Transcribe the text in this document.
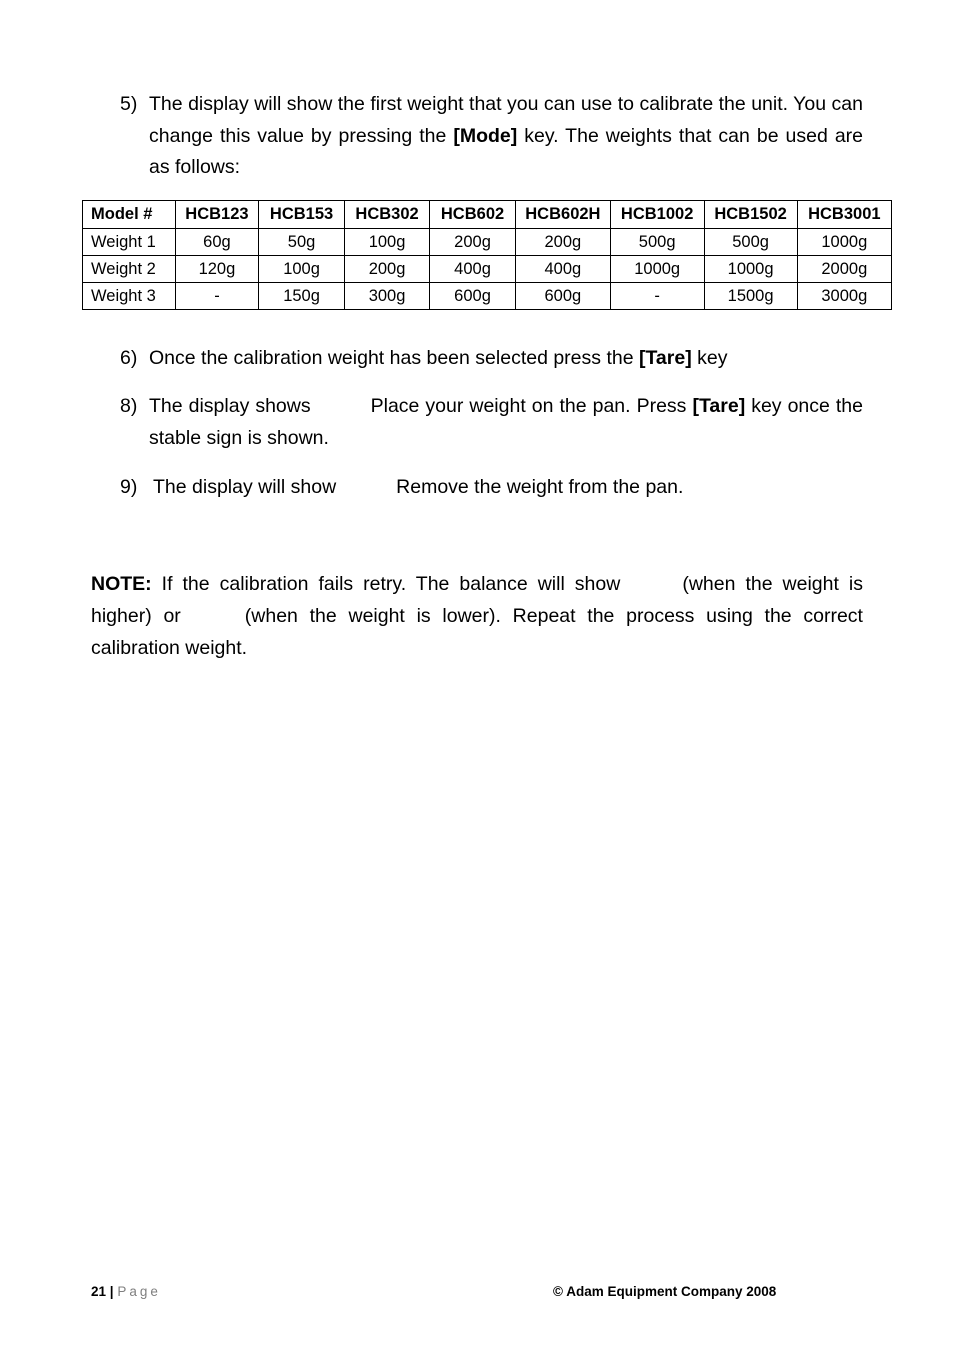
5) The display will show the first weight that you can use to calibrate the unit. You can change this value by pressing the [Mode] key. The weights that can be used are as follows:
Model #	HCB123	HCB153	HCB302	HCB602	HCB602H	HCB1002	HCB1502	HCB3001
Weight 1	60g	50g	100g	200g	200g	500g	500g	1000g
Weight 2	120g	100g	200g	400g	400g	1000g	1000g	2000g
Weight 3	-	150g	300g	600g	600g	-	1500g	3000g
6) Once the calibration weight has been selected press the [Tare] key
8) The display shows	Place your weight on the pan. Press [Tare] key once the stable sign is shown.
9) The display will show	Remove the weight from the pan.
NOTE: If the calibration fails retry. The balance will show	(when the weight is higher) or	(when the weight is lower). Repeat the process using the correct calibration weight.
21 | Page	© Adam Equipment Company 2008
